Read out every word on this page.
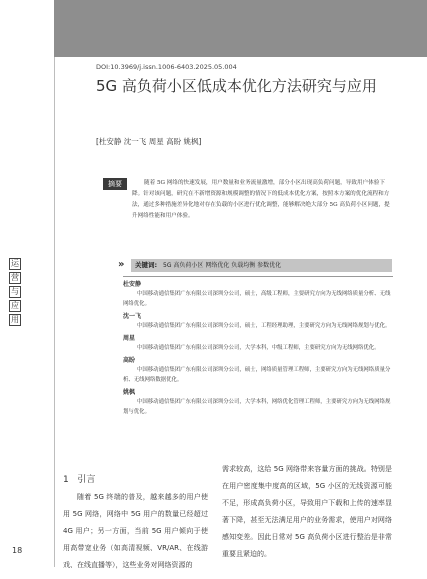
运
营
与
应
用
DOI:10.3969/j.issn.1006-6403.2025.05.004
5G 高负荷小区低成本优化方法研究与应用
[杜安静 沈一飞 周星 高盼 姚枫]
摘要	随着 5G 网络的快速发展，用户数量和业务流量激增，部分小区出现高负荷问题，导致用户体验下降。针对该问题，研究在不新增资源和规模调整的情况下的低成本优化方案，按照本方案的优化流程和方法，通过多种措施差异化地对存在负载的小区进行优化调整，能够解决绝大部分 5G 高负荷小区问题，提升网络性能和用户体验。
»	关键词: 5G 高负荷小区 网络优化 负载均衡 参数优化
杜安静
中国移动通信集团广东有限公司深圳分公司，硕士，高级工程师，主要研究方向为无线网络质量分析、无线网络优化。
沈一飞
中国移动通信集团广东有限公司深圳分公司，硕士，工程经理助理，主要研究方向为无线网络规划与优化。
周星
中国移动通信集团广东有限公司深圳分公司，大学本科，中级工程师，主要研究方向为无线网络优化。
高盼
中国移动通信集团广东有限公司深圳分公司，硕士，网络质量管理工程师，主要研究方向为无线网络质量分析、无线网络数据优化。
姚枫
中国移动通信集团广东有限公司深圳分公司，大学本科，网络优化管理工程师，主要研究方向为无线网络规划与优化。
1 引言
随着 5G 终端的普及，越来越多的用户使用 5G 网络，网络中 5G 用户的数量已经超过 4G 用户；另一方面，当前 5G 用户倾向于使用高带宽业务（如高清视频、VR/AR、在线游戏、在线直播等），这些业务对网络资源的
需求较高，这给 5G 网络带来容量方面的挑战。特别是在用户密度集中度高的区域，5G 小区的无线资源可能不足，形成高负荷小区，导致用户下载和上传的速率显著下降，甚至无法满足用户的业务需求，使用户对网络感知变差。因此日常对 5G 高负荷小区进行整治是非常重要且紧迫的。
18
